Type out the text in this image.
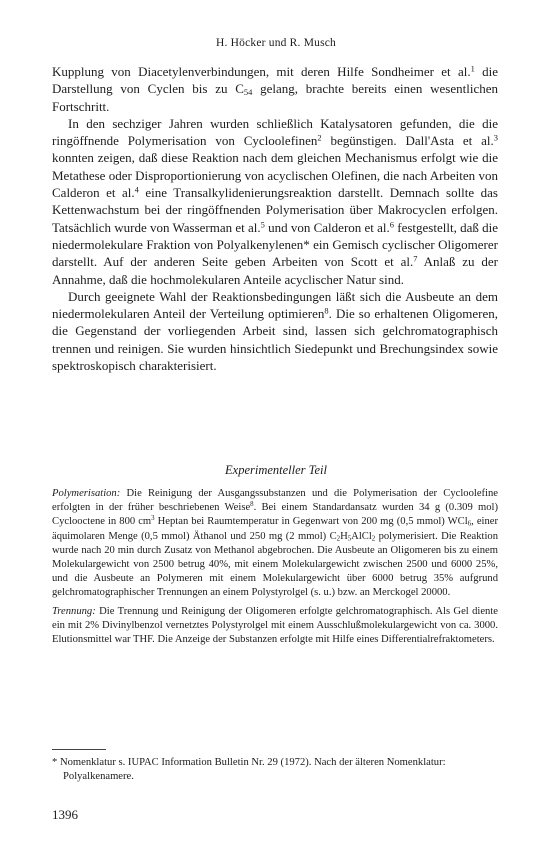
H. Höcker und R. Musch

Kupplung von Diacetylenverbindungen, mit deren Hilfe Sondheimer et al.$^1$ die Darstellung von Cyclen bis zu $C_{54}$ gelang, brachte bereits einen wesentlichen Fortschritt.

In den sechziger Jahren wurden schließlich Katalysatoren gefunden, die die ringöffnende Polymerisation von Cycloolefinen$^2$ begünstigen. Dall'Asta et al.$^3$ konnten zeigen, daß diese Reaktion nach dem gleichen Mechanismus erfolgt wie die Metathese oder Disproportionierung von acyclischen Olefinen, die nach Arbeiten von Calderon et al.$^4$ eine Transalkylidenierungsreaktion darstellt. Demnach sollte das Kettenwachstum bei der ringöffnenden Polymerisation über Makrocyclen erfolgen. Tatsächlich wurde von Wasserman et al.$^5$ und von Calderon et al.$^6$ festgestellt, daß die niedermolekulare Fraktion von Polyalkenylenen* ein Gemisch cyclischer Oligomerer darstellt. Auf der anderen Seite geben Arbeiten von Scott et al.$^7$ Anlaß zu der Annahme, daß die hochmolekularen Anteile acyclischer Natur sind.

Durch geeignete Wahl der Reaktionsbedingungen läßt sich die Ausbeute an dem niedermolekularen Anteil der Verteilung optimieren$^8$. Die so erhaltenen Oligomeren, die Gegenstand der vorliegenden Arbeit sind, lassen sich gelchromatographisch trennen und reinigen. Sie wurden hinsichtlich Siedepunkt und Brechungsindex sowie spektroskopisch charakterisiert.

Experimenteller Teil

Polymerisation: Die Reinigung der Ausgangssubstanzen und die Polymerisation der Cycloolefine erfolgten in der früher beschriebenen Weise$^8$. Bei einem Standardansatz wurden 34 g (0.309 mol) Cyclooctene in 800 $cm^3$ Heptan bei Raumtemperatur in Gegenwart von 200 mg (0,5 mmol) WCl$_6$, einer äquimolaren Menge (0,5 mmol) Äthanol und 250 mg (2 mmol) $C_2H_5AlCl_2$ polymerisiert. Die Reaktion wurde nach 20 min durch Zusatz von Methanol abgebrochen. Die Ausbeute an Oligomeren bis zu einem Molekulargewicht von 2500 betrug 40%, mit einem Molekulargewicht zwischen 2500 und 6000 25%, und die Ausbeute an Polymeren mit einem Molekulargewicht über 6000 betrug 35% aufgrund gelchromatographischer Trennungen an einem Polystyrolgel (s. u.) bzw. an Merckogel 20000.

Trennung: Die Trennung und Reinigung der Oligomeren erfolgte gelchromatographisch. Als Gel diente ein mit 2% Divinylbenzol vernetztes Polystyrolgel mit einem Ausschlußmolekulargewicht von ca. 3000. Elutionsmittel war THF. Die Anzeige der Substanzen erfolgte mit Hilfe eines Differentialrefraktometers.

* Nomenklatur s. IUPAC Information Bulletin Nr. 29 (1972). Nach der älteren Nomenklatur: Polyalkenamere.
1396
